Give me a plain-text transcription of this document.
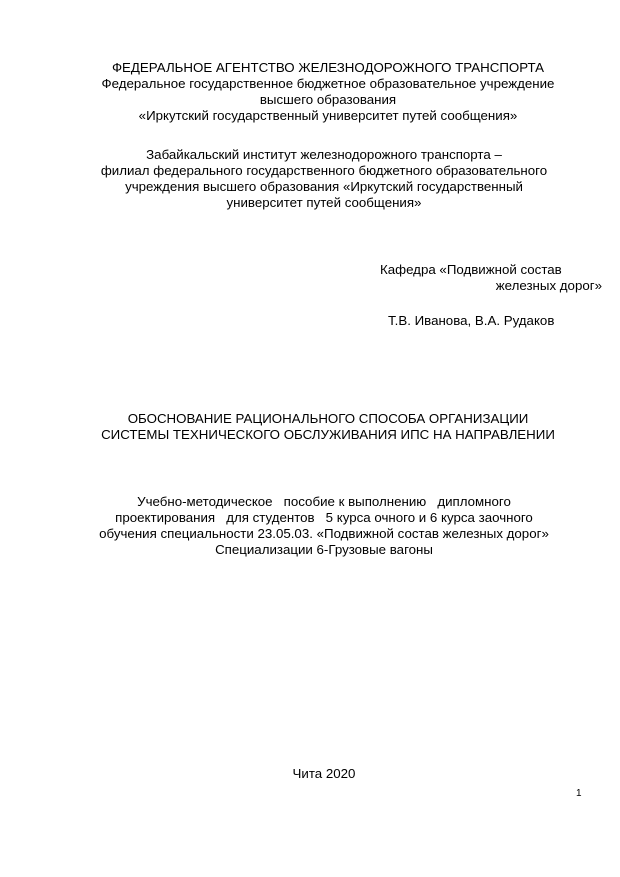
ФЕДЕРАЛЬНОЕ АГЕНТСТВО ЖЕЛЕЗНОДОРОЖНОГО ТРАНСПОРТА
Федеральное государственное бюджетное образовательное учреждение
высшего образования
«Иркутский государственный университет путей сообщения»
Забайкальский институт железнодорожного транспорта –
филиал федерального государственного бюджетного образовательного
учреждения высшего образования «Иркутский государственный
университет путей сообщения»
Кафедра «Подвижной состав
железных дорог»
Т.В. Иванова, В.А. Рудаков
ОБОСНОВАНИЕ РАЦИОНАЛЬНОГО СПОСОБА ОРГАНИЗАЦИИ
СИСТЕМЫ ТЕХНИЧЕСКОГО ОБСЛУЖИВАНИЯ ИПС НА НАПРАВЛЕНИИ
Учебно-методическое   пособие к выполнению   дипломного
проектирования   для студентов   5 курса очного и 6 курса заочного
обучения специальности 23.05.03. «Подвижной состав железных дорог»
Специализации 6-Грузовые вагоны
Чита 2020
1
